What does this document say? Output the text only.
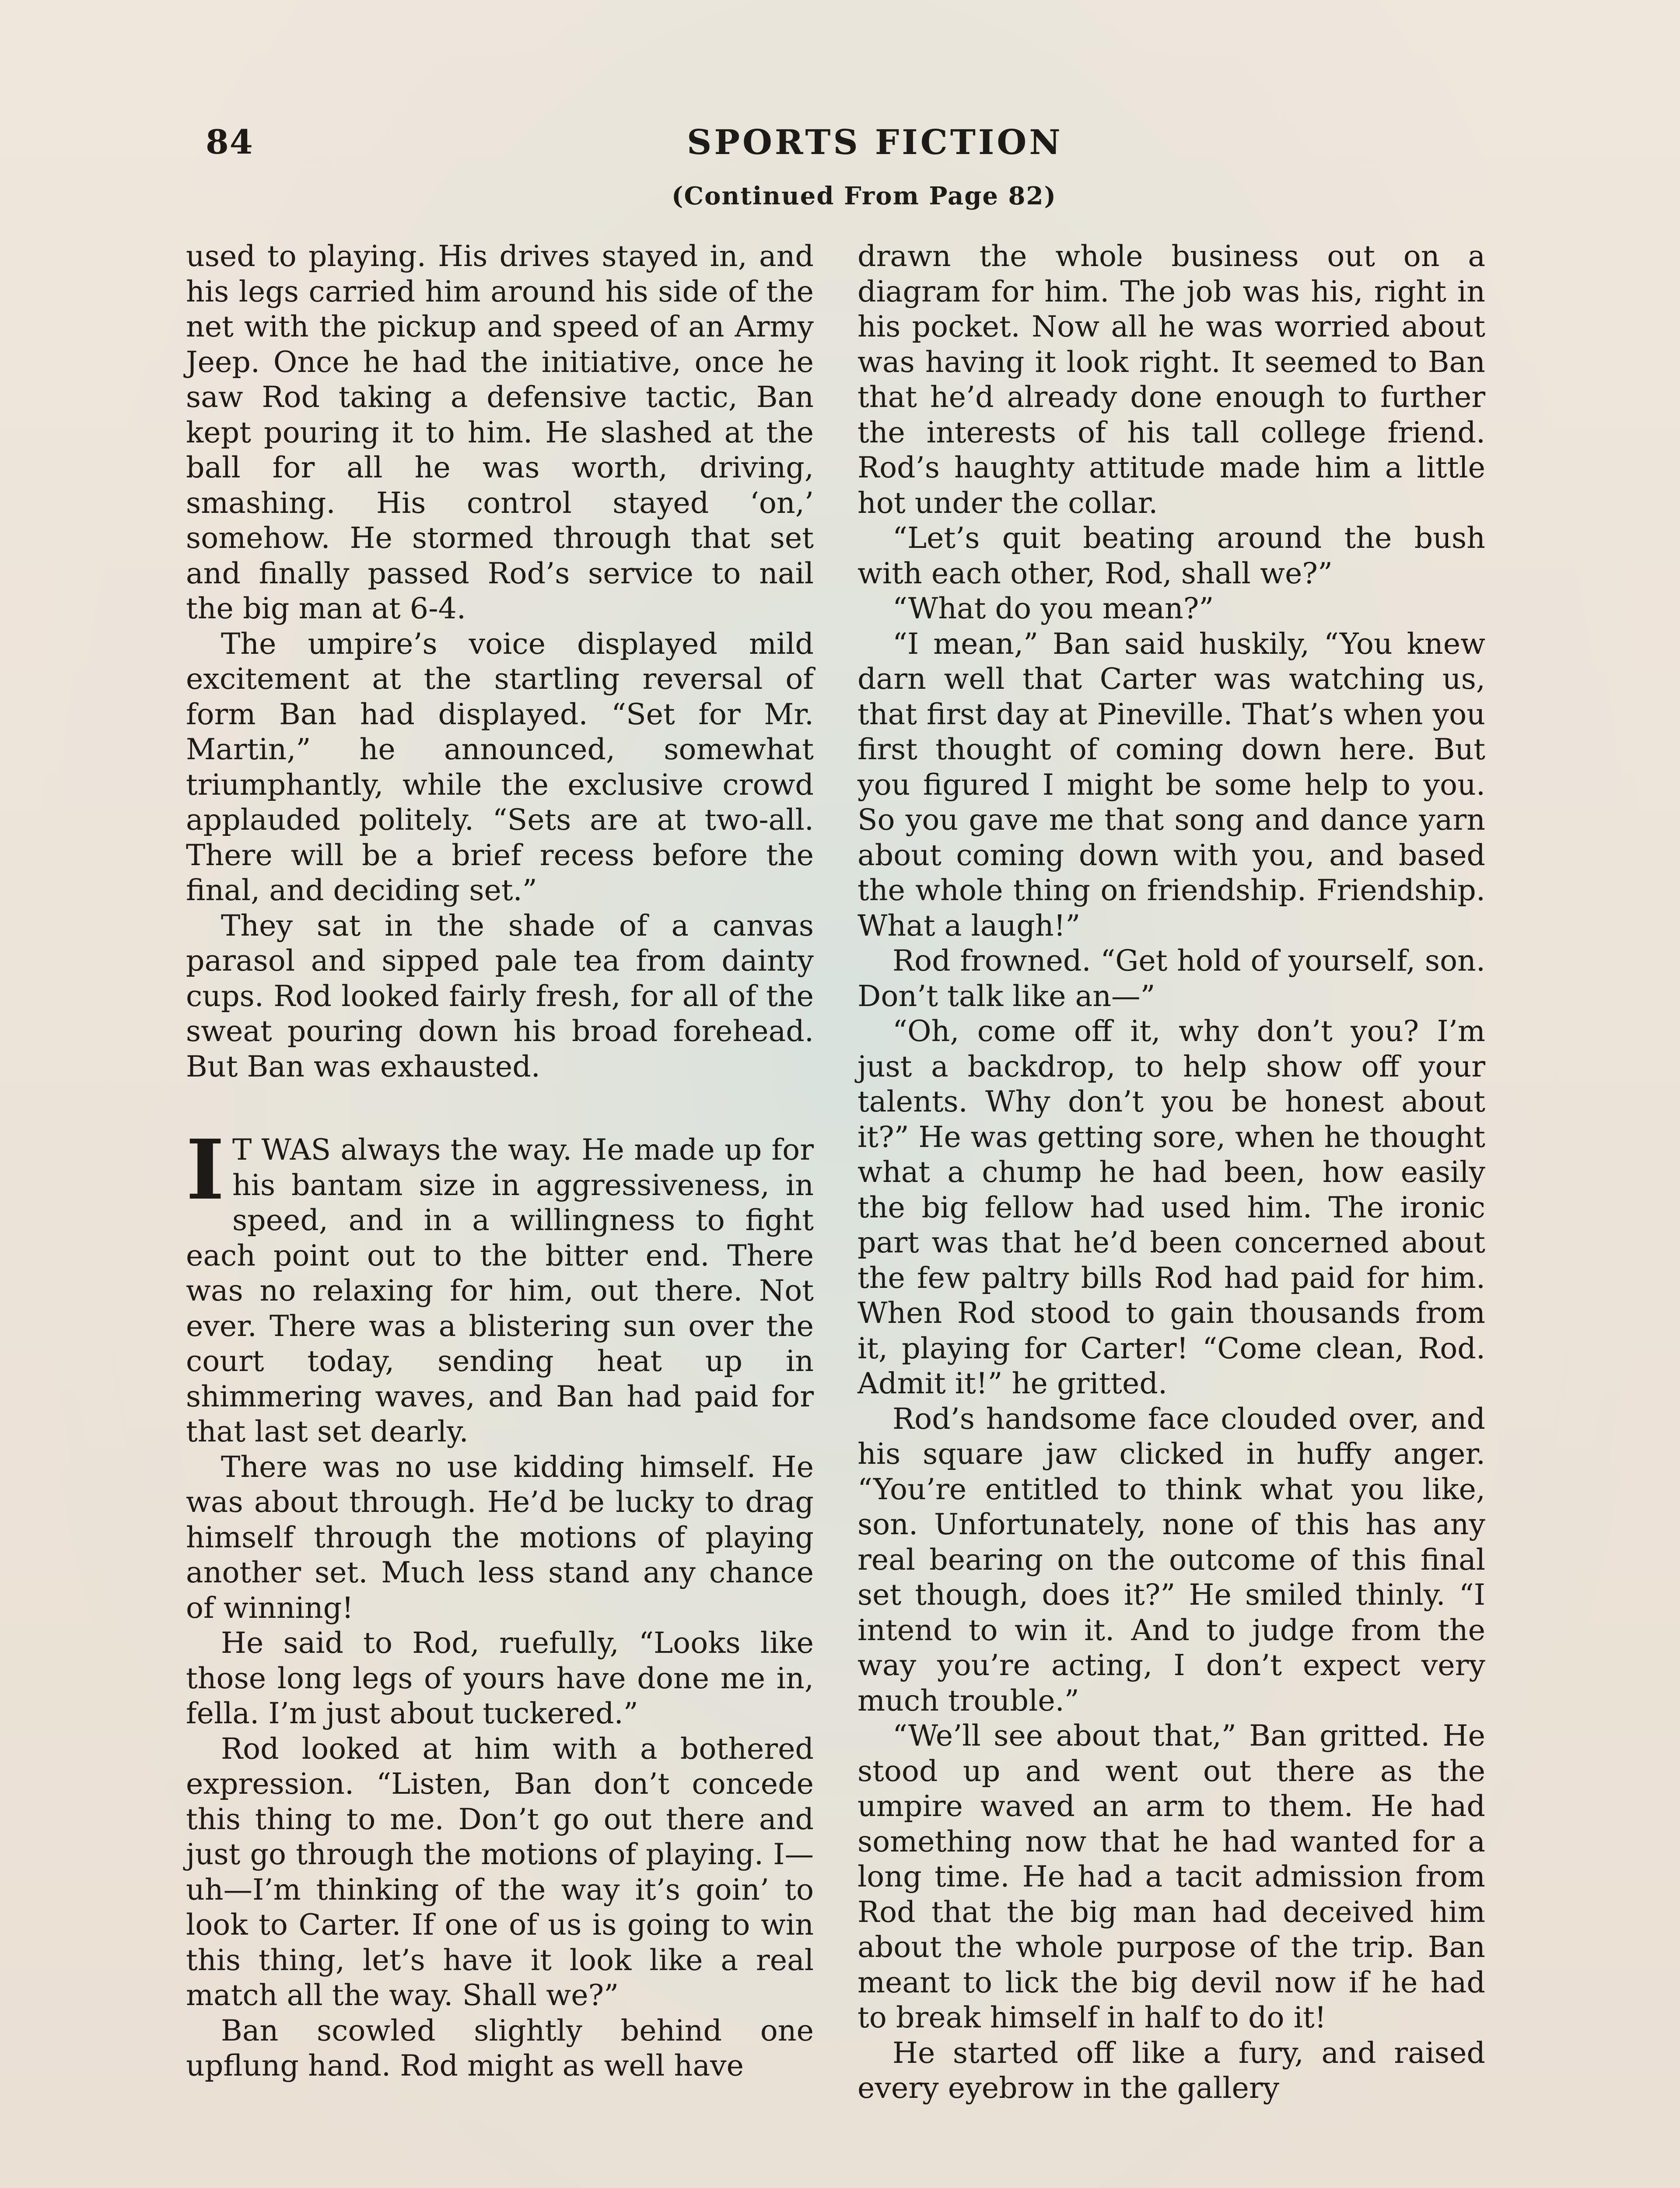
84	SPORTS FICTION
(Continued From Page 82)

used to playing. His drives stayed in, and his legs carried him around his side of the net with the pickup and speed of an Army Jeep. Once he had the initiative, once he saw Rod taking a defensive tactic, Ban kept pouring it to him. He slashed at the ball for all he was worth, driving, smashing. His control stayed ‘on,’ somehow. He stormed through that set and finally passed Rod’s service to nail the big man at 6-4.

The umpire’s voice displayed mild excitement at the startling reversal of form Ban had displayed. “Set for Mr. Martin,” he announced, somewhat triumphantly, while the exclusive crowd applauded politely. “Sets are at two-all. There will be a brief recess before the final, and deciding set.”

They sat in the shade of a canvas parasol and sipped pale tea from dainty cups. Rod looked fairly fresh, for all of the sweat pouring down his broad forehead. But Ban was exhausted.

I T WAS always the way. He made up for his bantam size in aggressiveness, in speed, and in a willingness to fight each point out to the bitter end. There was no relaxing for him, out there. Not ever. There was a blistering sun over the court today, sending heat up in shimmering waves, and Ban had paid for that last set dearly.

There was no use kidding himself. He was about through. He’d be lucky to drag himself through the motions of playing another set. Much less stand any chance of winning!

He said to Rod, ruefully, “Looks like those long legs of yours have done me in, fella. I’m just about tuckered.”

Rod looked at him with a bothered expression. “Listen, Ban don’t concede this thing to me. Don’t go out there and just go through the motions of playing. I—uh—I’m thinking of the way it’s goin’ to look to Carter. If one of us is going to win this thing, let’s have it look like a real match all the way. Shall we?”

Ban scowled slightly behind one upflung hand. Rod might as well have

drawn the whole business out on a diagram for him. The job was his, right in his pocket. Now all he was worried about was having it look right. It seemed to Ban that he’d already done enough to further the interests of his tall college friend. Rod’s haughty attitude made him a little hot under the collar.

“Let’s quit beating around the bush with each other, Rod, shall we?”

“What do you mean?”

“I mean,” Ban said huskily, “You knew darn well that Carter was watching us, that first day at Pineville. That’s when you first thought of coming down here. But you figured I might be some help to you. So you gave me that song and dance yarn about coming down with you, and based the whole thing on friendship. Friendship. What a laugh!”

Rod frowned. “Get hold of yourself, son. Don’t talk like an—”

“Oh, come off it, why don’t you? I’m just a backdrop, to help show off your talents. Why don’t you be honest about it?” He was getting sore, when he thought what a chump he had been, how easily the big fellow had used him. The ironic part was that he’d been concerned about the few paltry bills Rod had paid for him. When Rod stood to gain thousands from it, playing for Carter! “Come clean, Rod. Admit it!” he gritted.

Rod’s handsome face clouded over, and his square jaw clicked in huffy anger. “You’re entitled to think what you like, son. Unfortunately, none of this has any real bearing on the outcome of this final set though, does it?” He smiled thinly. “I intend to win it. And to judge from the way you’re acting, I don’t expect very much trouble.”

“We’ll see about that,” Ban gritted. He stood up and went out there as the umpire waved an arm to them. He had something now that he had wanted for a long time. He had a tacit admission from Rod that the big man had deceived him about the whole purpose of the trip. Ban meant to lick the big devil now if he had to break himself in half to do it!

He started off like a fury, and raised every eyebrow in the gallery
